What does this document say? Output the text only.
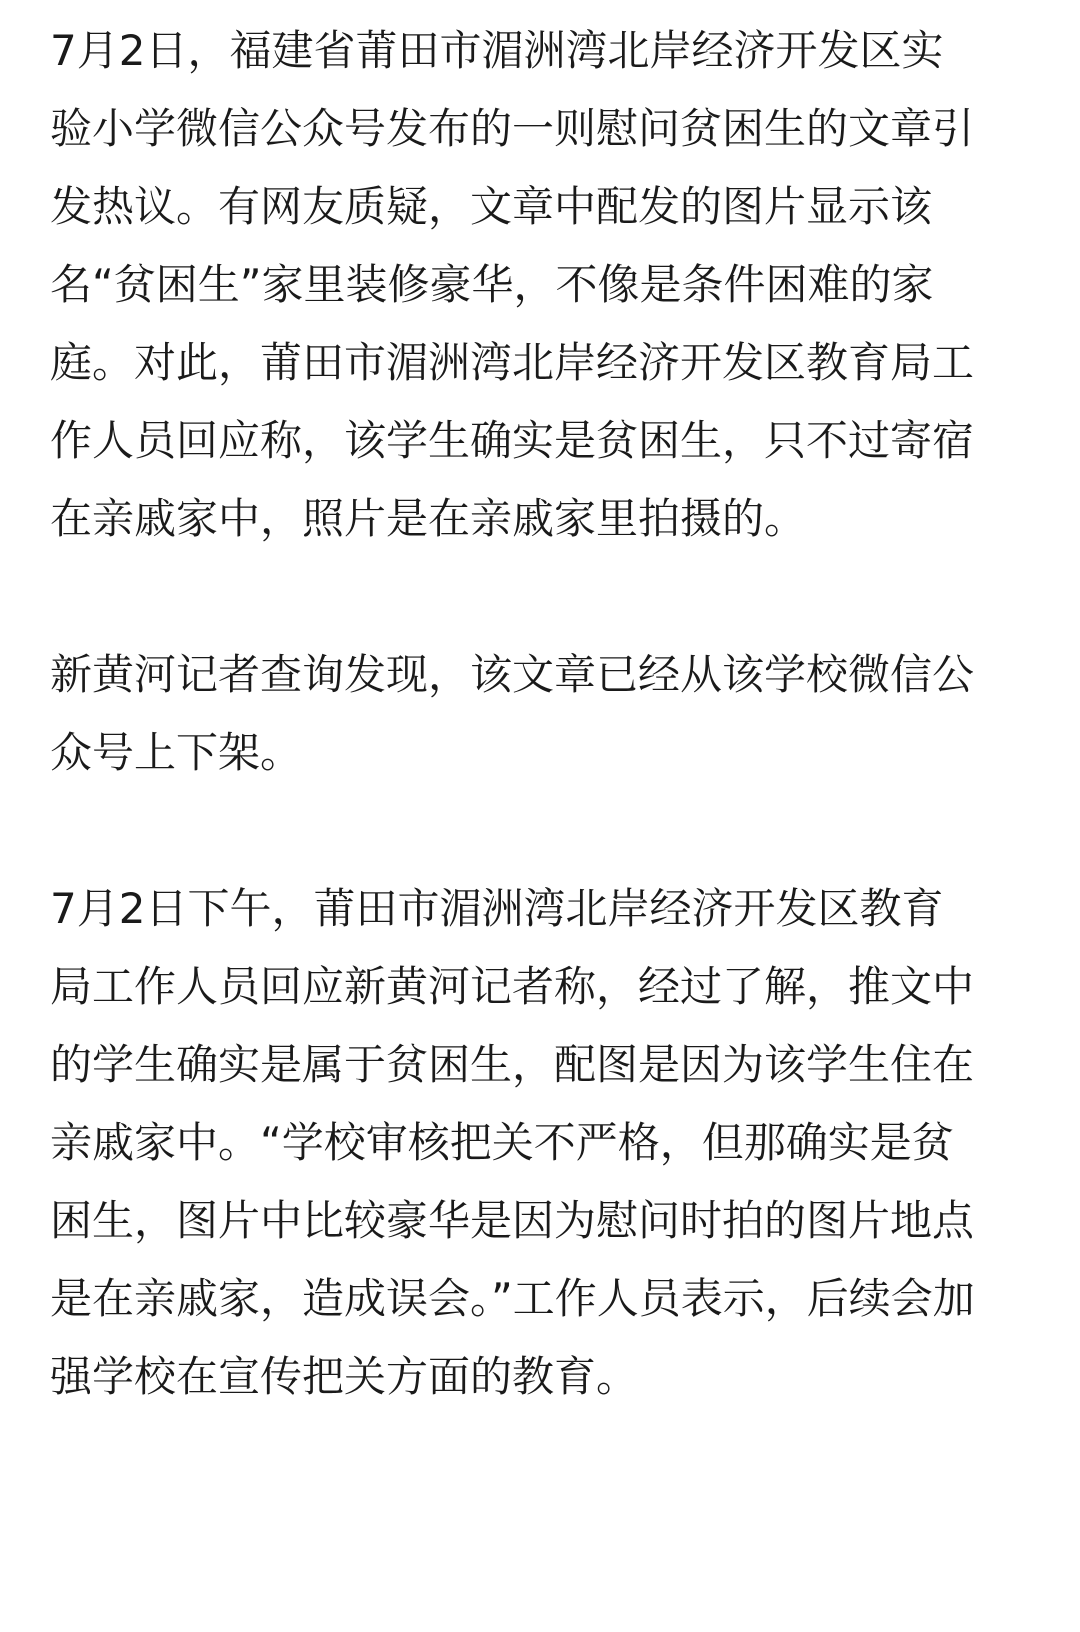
7月2日，福建省莆田市湄洲湾北岸经济开发区实验小学微信公众号发布的一则慰问贫困生的文章引发热议。有网友质疑，文章中配发的图片显示该名“贫困生”家里装修豪华，不像是条件困难的家庭。对此，莆田市湄洲湾北岸经济开发区教育局工作人员回应称，该学生确实是贫困生，只不过寄宿在亲戚家中，照片是在亲戚家里拍摄的。

新黄河记者查询发现，该文章已经从该学校微信公众号上下架。

7月2日下午，莆田市湄洲湾北岸经济开发区教育局工作人员回应新黄河记者称，经过了解，推文中的学生确实是属于贫困生，配图是因为该学生住在亲戚家中。“学校审核把关不严格，但那确实是贫困生，图片中比较豪华是因为慰问时拍的图片地点是在亲戚家，造成误会。”工作人员表示，后续会加强学校在宣传把关方面的教育。
